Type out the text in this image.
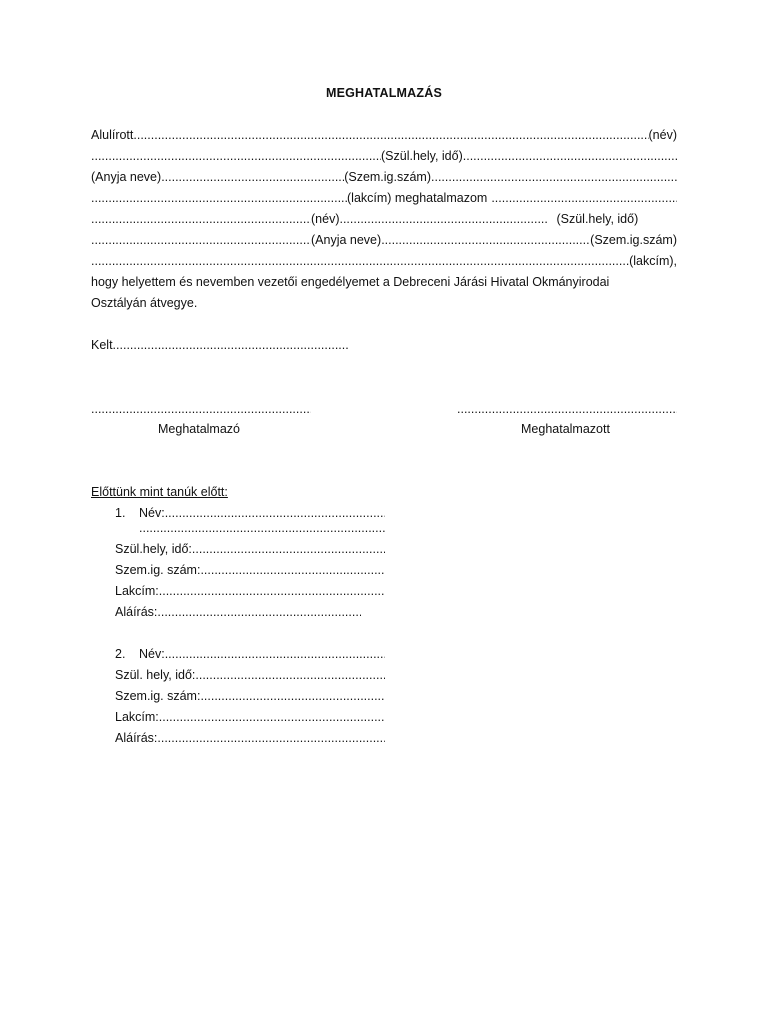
MEGHATALMAZÁS
Alulírott .....	(név)
.....
(Szül.hely, idő)
.....
(Anyja neve) .....	(Szem.ig.szám)
.....
.....
(lakcím) meghatalmazom
.....
.....
(név) .....	(Szül.hely, idő)
.....
(Anyja neve) .....	(Szem.ig.szám)
.....
(lakcím),
hogy helyettem és nevemben vezetői engedélyemet a Debreceni Járási Hivatal Okmányirodai
Osztályán átvegye.
Kelt
.....
.....
.....
Meghatalmazó	Meghatalmazott
Előttünk mint tanúk előtt:
1.	Név:
.....
.....
Szül.hely, idő:
.....
Szem.ig. szám:
.....
Lakcím:
.....
Aláírás:
.....
2.	Név:
.....
Szül. hely, idő:
.....
Szem.ig. szám:
.....
Lakcím:
.....
Aláírás:
.....
